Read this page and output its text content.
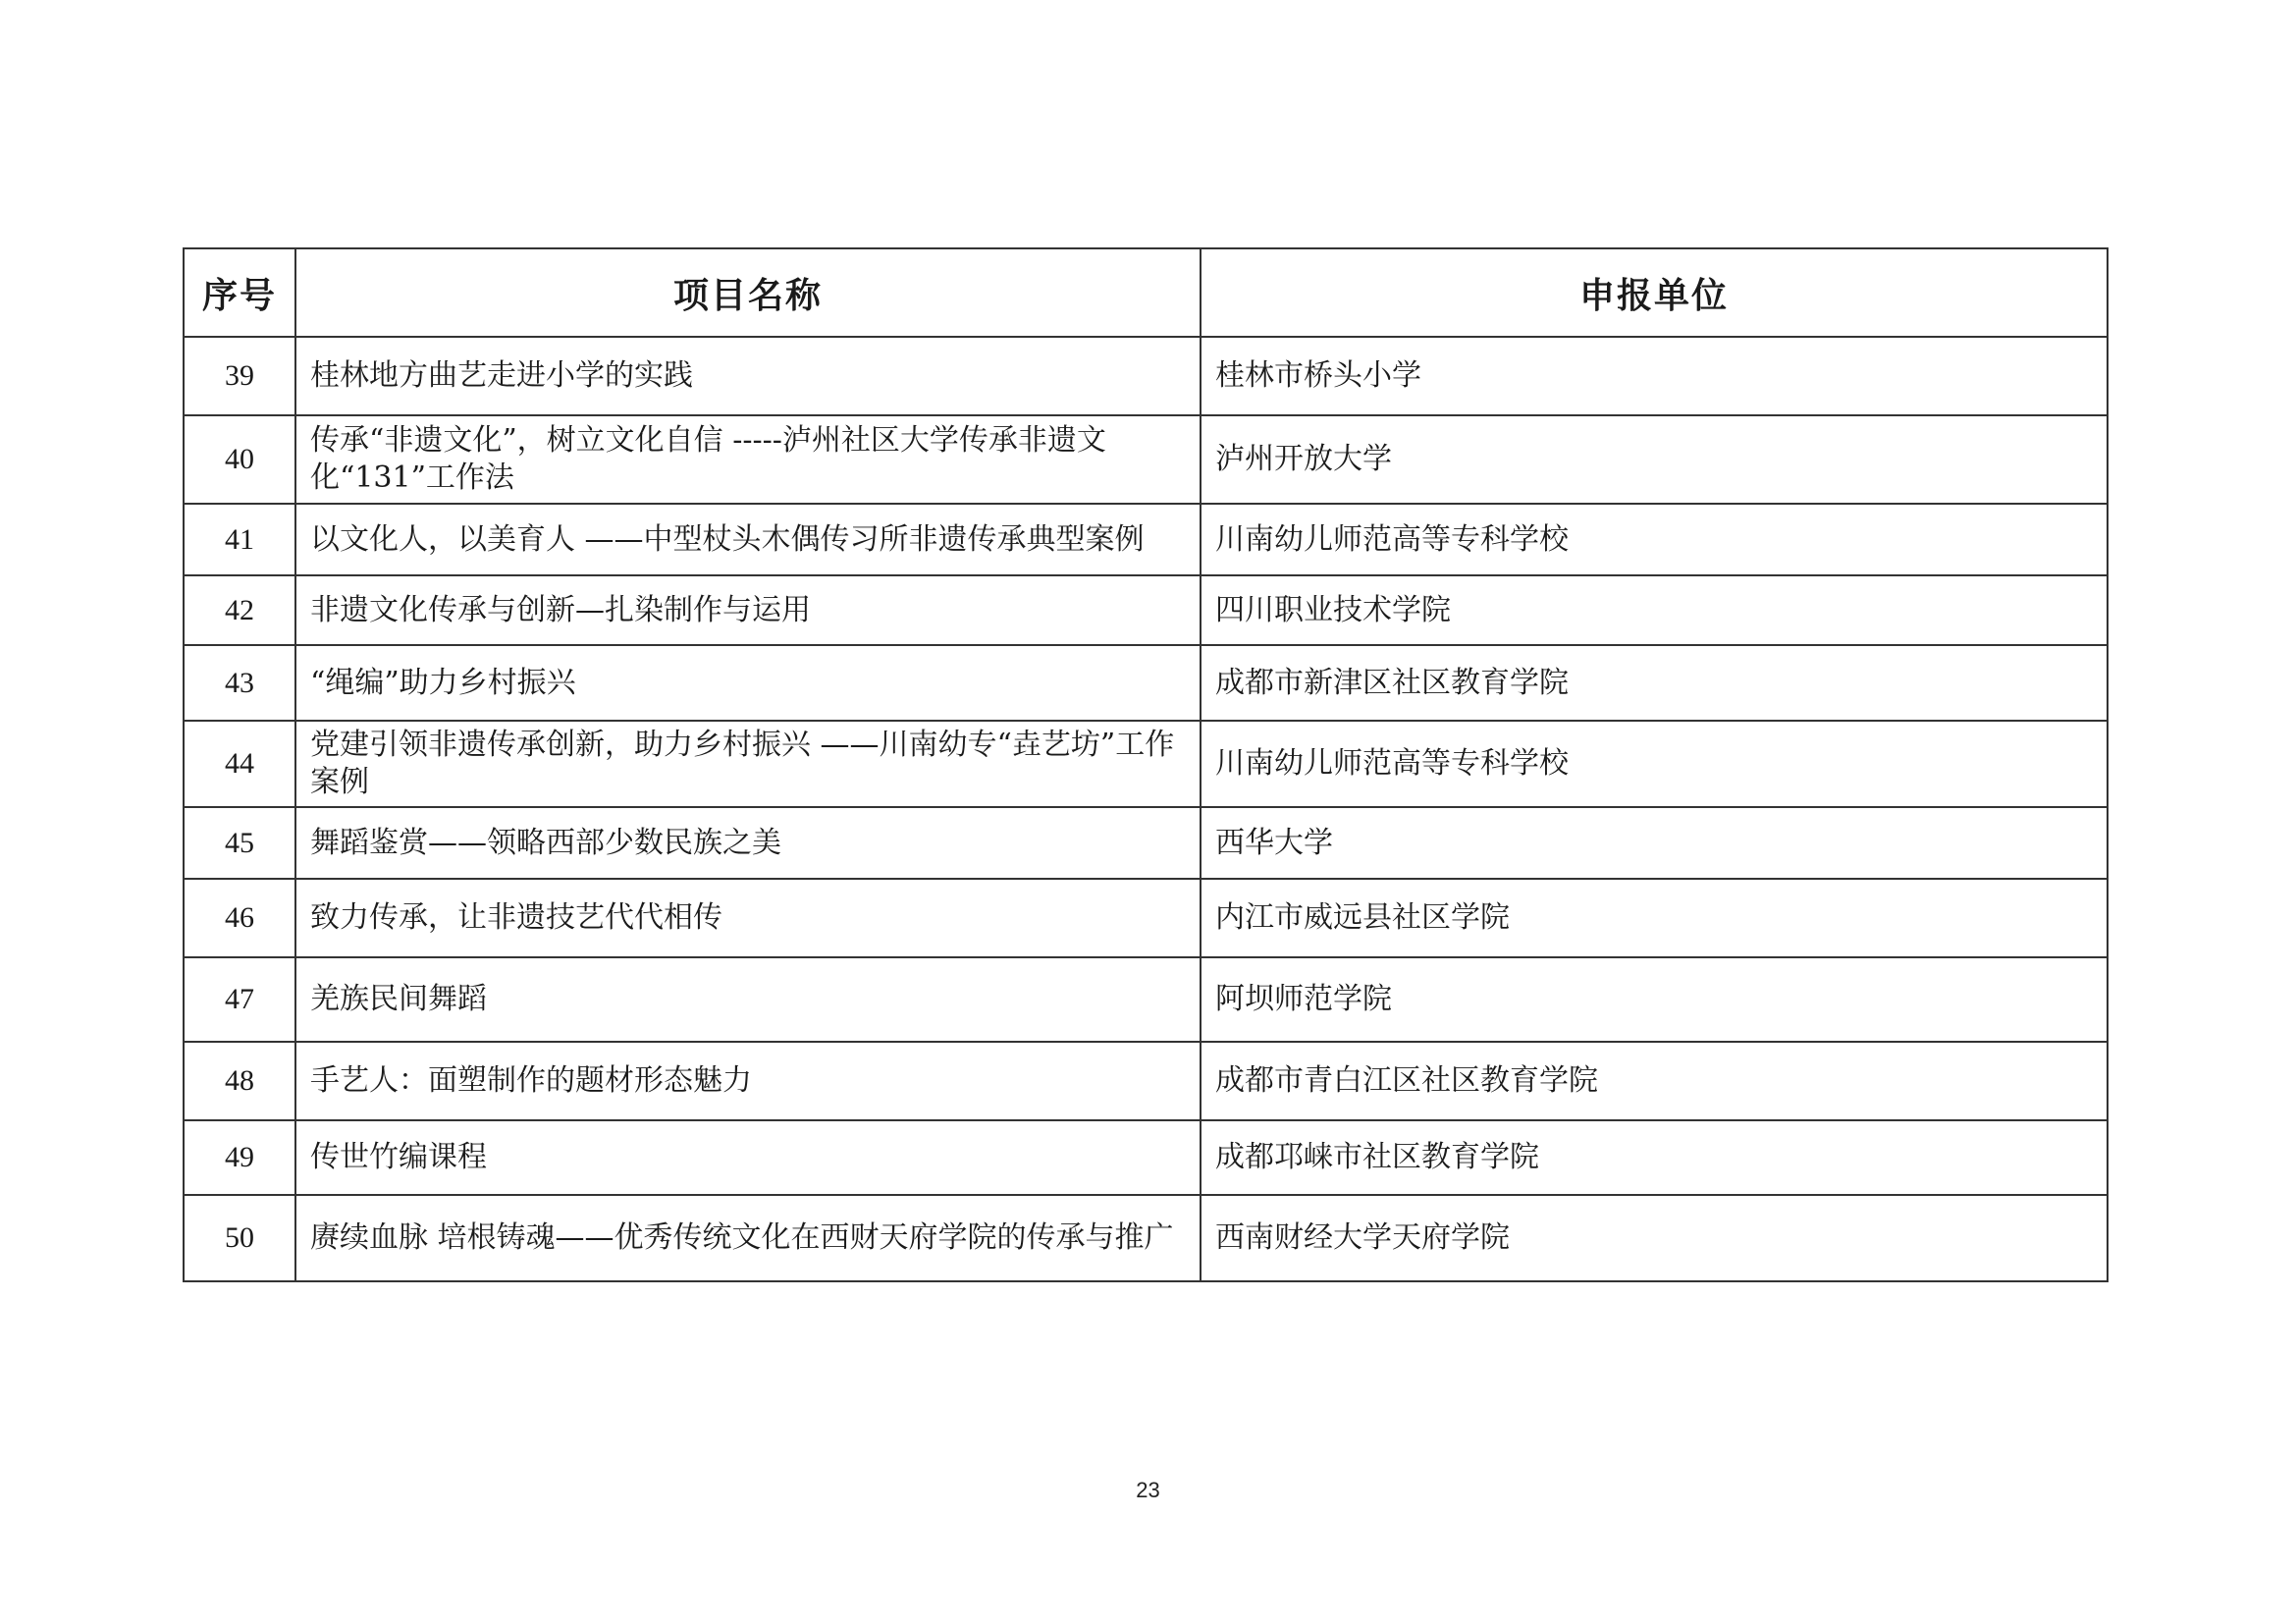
序号	项目名称	申报单位
39	桂林地方曲艺走进小学的实践	桂林市桥头小学
40	传承“非遗文化”，树立文化自信 -----泸州社区大学传承非遗文化“131”工作法	泸州开放大学
41	以文化人，以美育人 ——中型杖头木偶传习所非遗传承典型案例	川南幼儿师范高等专科学校
42	非遗文化传承与创新—扎染制作与运用	四川职业技术学院
43	“绳编”助力乡村振兴	成都市新津区社区教育学院
44	党建引领非遗传承创新，助力乡村振兴 ——川南幼专“垚艺坊”工作案例	川南幼儿师范高等专科学校
45	舞蹈鉴赏——领略西部少数民族之美	西华大学
46	致力传承，让非遗技艺代代相传	内江市威远县社区学院
47	羌族民间舞蹈	阿坝师范学院
48	手艺人：面塑制作的题材形态魅力	成都市青白江区社区教育学院
49	传世竹编课程	成都邛崃市社区教育学院
50	赓续血脉 培根铸魂——优秀传统文化在西财天府学院的传承与推广	西南财经大学天府学院
23
